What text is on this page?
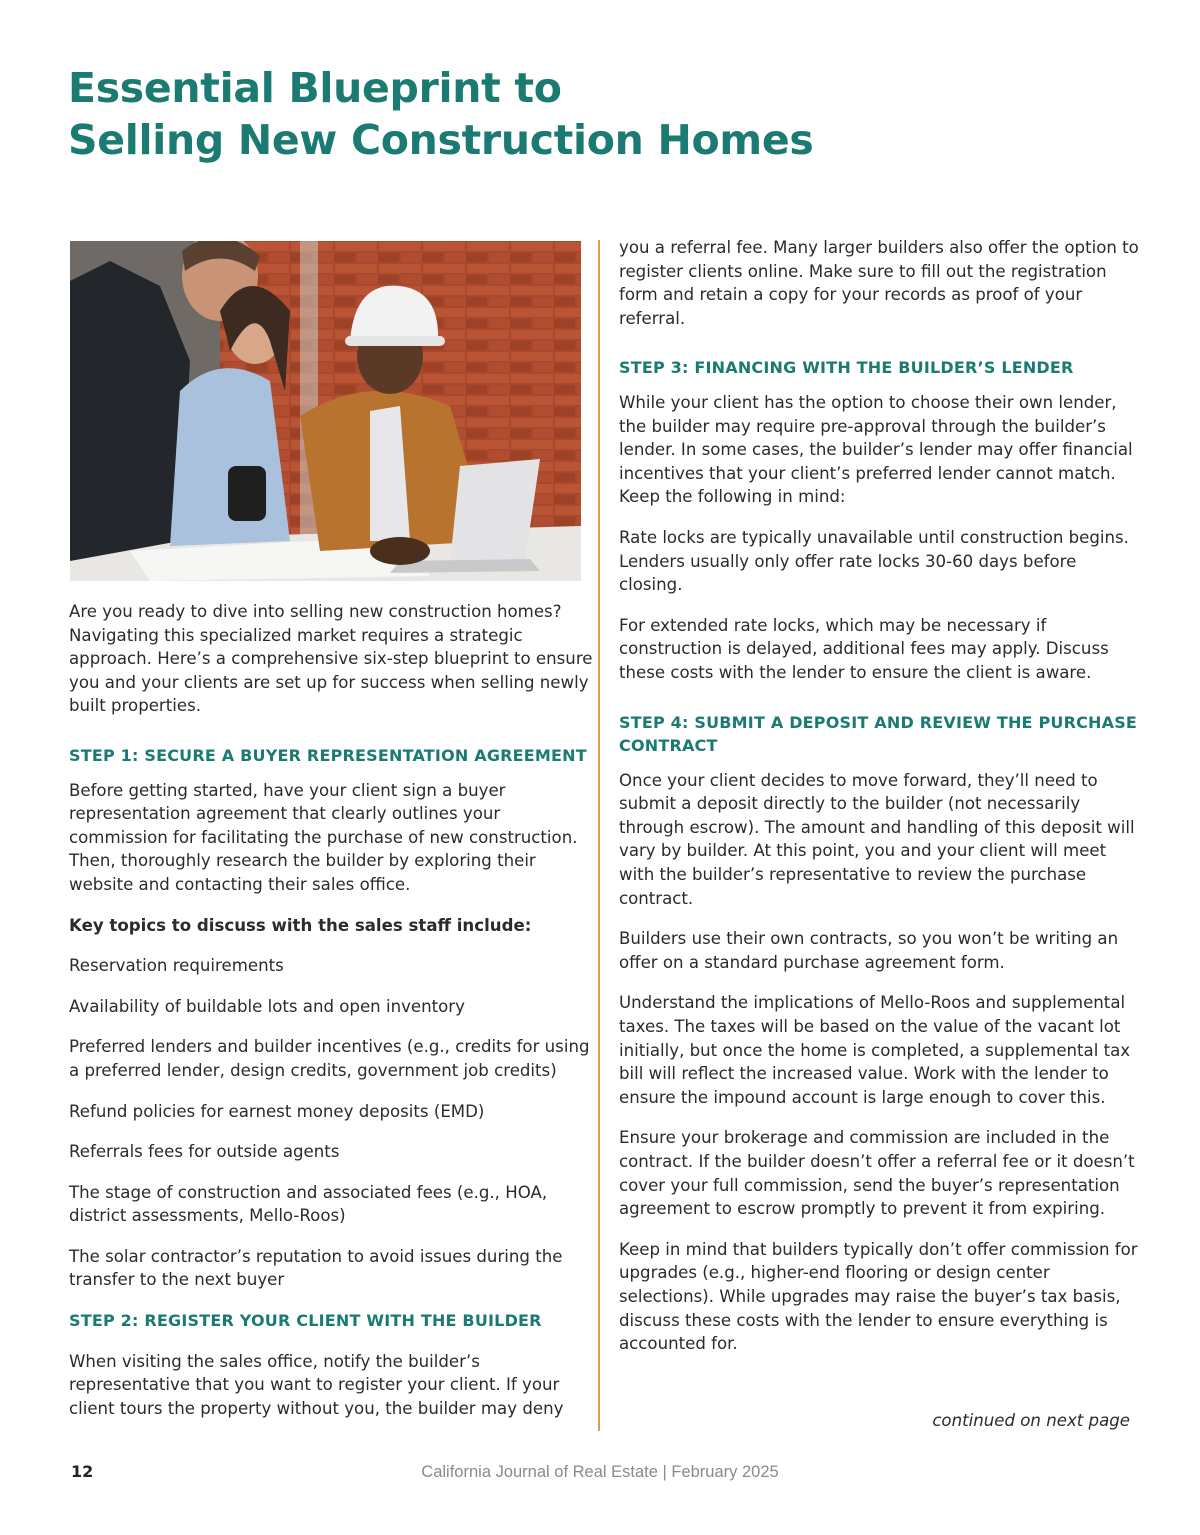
Essential Blueprint to
Selling New Construction Homes

Are you ready to dive into selling new construction homes? Navigating this specialized market requires a strategic approach. Here’s a comprehensive six-step blueprint to ensure you and your clients are set up for success when selling newly built properties.

STEP 1: SECURE A BUYER REPRESENTATION AGREEMENT

Before getting started, have your client sign a buyer representation agreement that clearly outlines your commission for facilitating the purchase of new construction. Then, thoroughly research the builder by exploring their website and contacting their sales office.

Key topics to discuss with the sales staff include:

Reservation requirements

Availability of buildable lots and open inventory

Preferred lenders and builder incentives (e.g., credits for using a preferred lender, design credits, government job credits)

Refund policies for earnest money deposits (EMD)

Referrals fees for outside agents

The stage of construction and associated fees (e.g., HOA, district assessments, Mello-Roos)

The solar contractor’s reputation to avoid issues during the transfer to the next buyer

STEP 2: REGISTER YOUR CLIENT WITH THE BUILDER

When visiting the sales office, notify the builder’s representative that you want to register your client. If your client tours the property without you, the builder may deny

you a referral fee. Many larger builders also offer the option to register clients online. Make sure to fill out the registration form and retain a copy for your records as proof of your referral.

STEP 3: FINANCING WITH THE BUILDER’S LENDER

While your client has the option to choose their own lender, the builder may require pre-approval through the builder’s lender. In some cases, the builder’s lender may offer financial incentives that your client’s preferred lender cannot match. Keep the following in mind:

Rate locks are typically unavailable until construction begins. Lenders usually only offer rate locks 30-60 days before closing.

For extended rate locks, which may be necessary if construction is delayed, additional fees may apply. Discuss these costs with the lender to ensure the client is aware.

STEP 4: SUBMIT A DEPOSIT AND REVIEW THE PURCHASE CONTRACT

Once your client decides to move forward, they’ll need to submit a deposit directly to the builder (not necessarily through escrow). The amount and handling of this deposit will vary by builder. At this point, you and your client will meet with the builder’s representative to review the purchase contract.

Builders use their own contracts, so you won’t be writing an offer on a standard purchase agreement form.

Understand the implications of Mello-Roos and supplemental taxes. The taxes will be based on the value of the vacant lot initially, but once the home is completed, a supplemental tax bill will reflect the increased value. Work with the lender to ensure the impound account is large enough to cover this.

Ensure your brokerage and commission are included in the contract. If the builder doesn’t offer a referral fee or it doesn’t cover your full commission, send the buyer’s representation agreement to escrow promptly to prevent it from expiring.

Keep in mind that builders typically don’t offer commission for upgrades (e.g., higher-end flooring or design center selections). While upgrades may raise the buyer’s tax basis, discuss these costs with the lender to ensure everything is accounted for.

continued on next page
12	California Journal of Real Estate | February 2025
